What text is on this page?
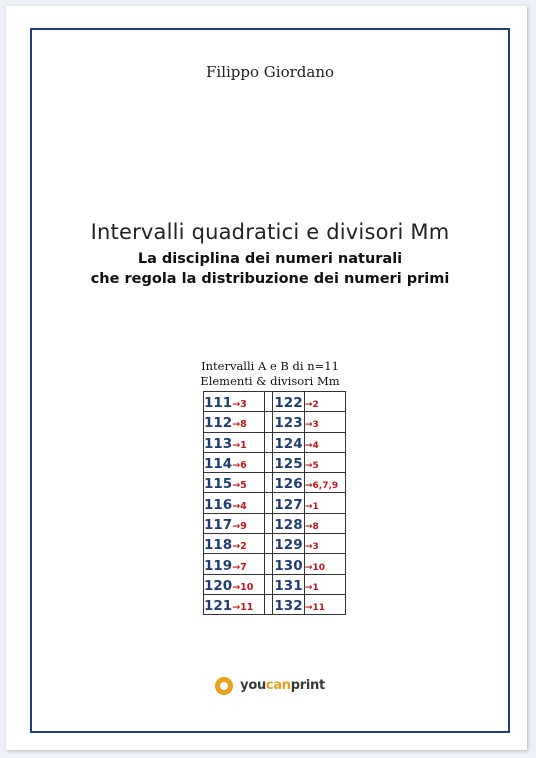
Filippo Giordano
Intervalli quadratici e divisori Mm
La disciplina dei numeri naturali
che regola la distribuzione dei numeri primi
Intervalli A e B di n=11
Elementi & divisori Mm
111→3		122	→2
112→8		123	→3
113→1		124	→4
114→6		125	→5
115→5		126	→6,7,9
116→4		127	→1
117→9		128	→8
118→2		129	→3
119→7		130	→10
120→10		131	→1
121→11		132	→11
youcanprint
